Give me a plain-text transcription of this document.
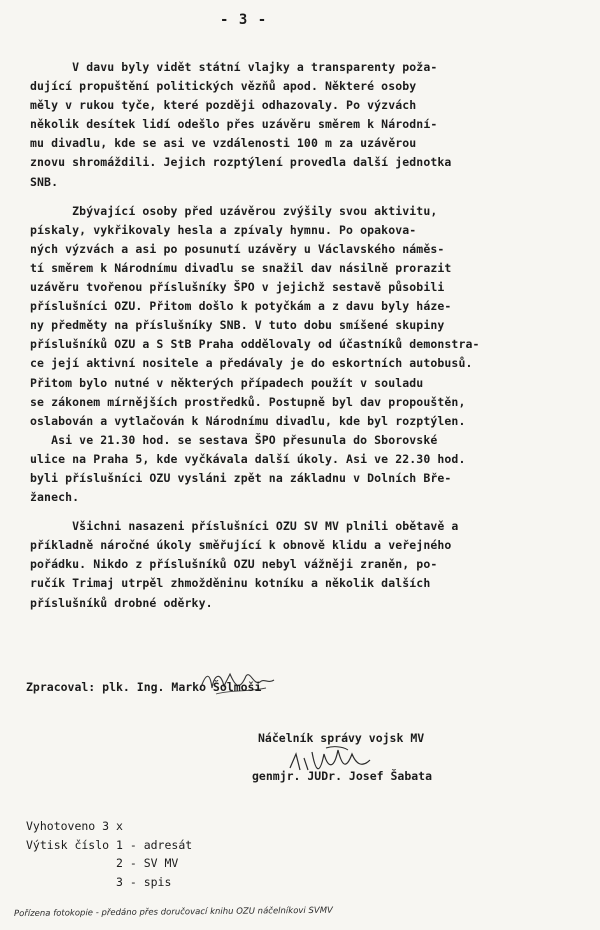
- 3 -

V davu byly vidět státní vlajky a transparenty poža-

dující propuštění politických vězňů apod. Některé osoby

měly v rukou tyče, které později odhazovaly. Po výzvách

několik desítek lidí odešlo přes uzávěru směrem k Národní-

mu divadlu, kde se asi ve vzdálenosti 100 m za uzávěrou

znovu shromáždili. Jejich rozptýlení provedla další jednotka

SNB.

Zbývající osoby před uzávěrou zvýšily svou aktivitu,

pískaly, vykřikovaly hesla a zpívaly hymnu. Po opakova-

ných výzvách a asi po posunutí uzávěry u Václavského náměs-

tí směrem k Národnímu divadlu se snažil dav násilně prorazit

uzávěru tvořenou příslušníky ŠPO v jejichž sestavě působili

příslušníci OZU. Přitom došlo k potyčkám a z davu byly háze-

ny předměty na příslušníky SNB. V tuto dobu smíšené skupiny

příslušníků OZU a S StB Praha oddělovaly od účastníků demonstra-

ce její aktivní nositele a předávaly je do eskortních autobusů.

Přitom bylo nutné v některých případech použít v souladu

se zákonem mírnějších prostředků. Postupně byl dav propouštěn,

oslabován a vytlačován k Národnímu divadlu, kde byl rozptýlen.

Asi ve 21.30 hod. se sestava ŠPO přesunula do Sborovské

ulice na Praha 5, kde vyčkávala další úkoly. Asi ve 22.30 hod.

byli příslušníci OZU vysláni zpět na základnu v Dolních Bře-

žanech.

Všichni nasazeni příslušníci OZU SV MV plnili obětavě a

příkladně náročné úkoly směřující k obnově klidu a veřejného

pořádku. Nikdo z příslušníků OZU nebyl vážněji zraněn, po-

ručík Trimaj utrpěl zhmožděninu kotníku a několik dalších

příslušníků drobné oděrky.

Zpracoval: plk. Ing. Marko Šolmoši
Náčelník správy vojsk MV
genmjr. JUDr. Josef Šabata

Vyhotoveno 3 x

Výtisk číslo 1 - adresát

2 - SV MV

3 - spis

Pořízena fotokopie - předáno přes doručovací knihu OZU náčelníkovi SVMV
